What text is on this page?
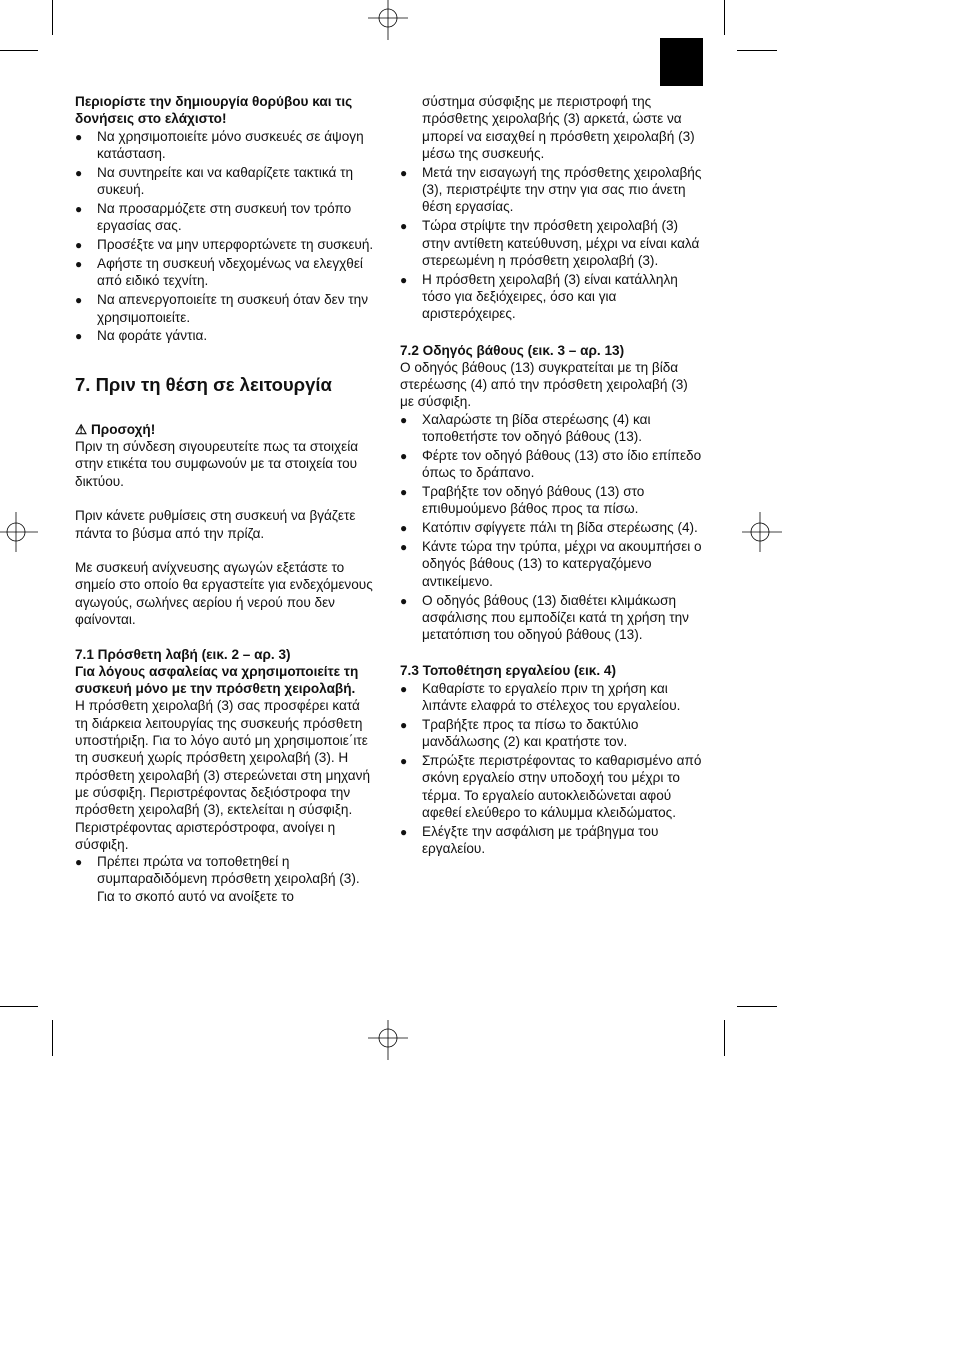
Περιορίστε την δημιουργία θορύβου και τις δονήσεις στο ελάχιστο!

● Να χρησιμοποιείτε μόνο συσκευές σε άψογη κατάσταση.
● Να συντηρείτε και να καθαρίζετε τακτικά τη συκευή.
● Να προσαρμόζετε στη συσκευή τον τρόπο εργασίας σας.
● Προσέξτε να μην υπερφορτώνετε τη συσκευή.
● Αφήστε τη συσκευή νδεχομένως να ελεγχθεί από ειδικό τεχνίτη.
● Να απενεργοποιείτε τη συσκευή όταν δεν την χρησιμοποιείτε.
● Να φοράτε γάντια.

7. Πριν τη θέση σε λειτουργία

⚠ Προσοχή!

Πριν τη σύνδεση σιγουρευτείτε πως τα στοιχεία στην ετικέτα του συμφωνούν με τα στοιχεία του δικτύου.

Πριν κάνετε ρυθμίσεις στη συσκευή να βγάζετε πάντα το βύσμα από την πρίζα.

Με συσκευή ανίχνευσης αγωγών εξετάστε το σημείο στο οποίο θα εργαστείτε για ενδεχόμενους αγωγούς, σωλήνες αερίου ή νερού που δεν φαίνονται.

7.1 Πρόσθετη λαβή (εικ. 2 – αρ. 3)

Για λόγους ασφαλείας να χρησιμοποιείτε τη συσκευή μόνο με την πρόσθετη χειρολαβή.

Η πρόσθετη χειρολαβή (3) σας προσφέρει κατά τη διάρκεια λειτουργίας της συσκευής πρόσθετη υποστήριξη. Για το λόγο αυτό μη χρησιμοποιε΄ιτε τη συσκευή χωρίς πρόσθετη χειρολαβή (3). Η πρόσθετη χειρολαβή (3) στερεώνεται στη μηχανή με σύσφιξη. Περιστρέφοντας δεξιόστροφα την πρόσθετη χειρολαβή (3), εκτελείται η σύσφιξη. Περιστρέφοντας αριστερόστροφα, ανοίγει η σύσφιξη.

● Πρέπει πρώτα να τοποθετηθεί η συμπαραδιδόμενη πρόσθετη χειρολαβή (3). Για το σκοπό αυτό να ανοίξετε το
σύστημα σύσφιξης με περιστροφή της πρόσθετης χειρολαβής (3) αρκετά, ώστε να μπορεί να εισαχθεί η πρόσθετη χειρολαβή (3) μέσω της συσκευής.
● Μετά την εισαγωγή της πρόσθετης χειρολαβής (3), περιστρέψτε την στην για σας πιο άνετη θέση εργασίας.
● Τώρα στρίψτε την πρόσθετη χειρολαβή (3) στην αντίθετη κατεύθυνση, μέχρι να είναι καλά στερεωμένη η πρόσθετη χειρολαβή (3).
● Η πρόσθετη χειρολαβή (3) είναι κατάλληλη τόσο για δεξιόχειρες, όσο και για αριστερόχειρες.

7.2 Οδηγός βάθους (εικ. 3 – αρ. 13)

Ο οδηγός βάθους (13) συγκρατείται με τη βίδα στερέωσης (4) από την πρόσθετη χειρολαβή (3) με σύσφιξη.

● Χαλαρώστε τη βίδα στερέωσης (4) και τοποθετήστε τον οδηγό βάθους (13).
● Φέρτε τον οδηγό βάθους (13) στο ίδιο επίπεδο όπως το δράπανο.
● Τραβήξτε τον οδηγό βάθους (13) στο επιθυμούμενο βάθος προς τα πίσω.
● Κατόπιν σφίγγετε πάλι τη βίδα στερέωσης (4).
● Κάντε τώρα την τρύπα, μέχρι να ακουμπήσει ο οδηγός βάθους (13) το κατεργαζόμενο αντικείμενο.
● Ο οδηγός βάθους (13) διαθέτει κλιμάκωση ασφάλισης που εμποδίζει κατά τη χρήση την μετατόπιση του οδηγού βάθους (13).

7.3 Τοποθέτηση εργαλείου (εικ. 4)

● Καθαρίστε το εργαλείο πριν τη χρήση και λιπάντε ελαφρά το στέλεχος του εργαλείου.
● Τραβήξτε προς τα πίσω το δακτύλιο μανδάλωσης (2) και κρατήστε τον.
● Σπρώξτε περιστρέφοντας το καθαρισμένο από σκόνη εργαλείο στην υποδοχή του μέχρι το τέρμα. Το εργαλείο αυτοκλειδώνεται αφού αφεθεί ελεύθερο το κάλυμμα κλειδώματος.
● Ελέγξτε την ασφάλιση με τράβηγμα του εργαλείου.
